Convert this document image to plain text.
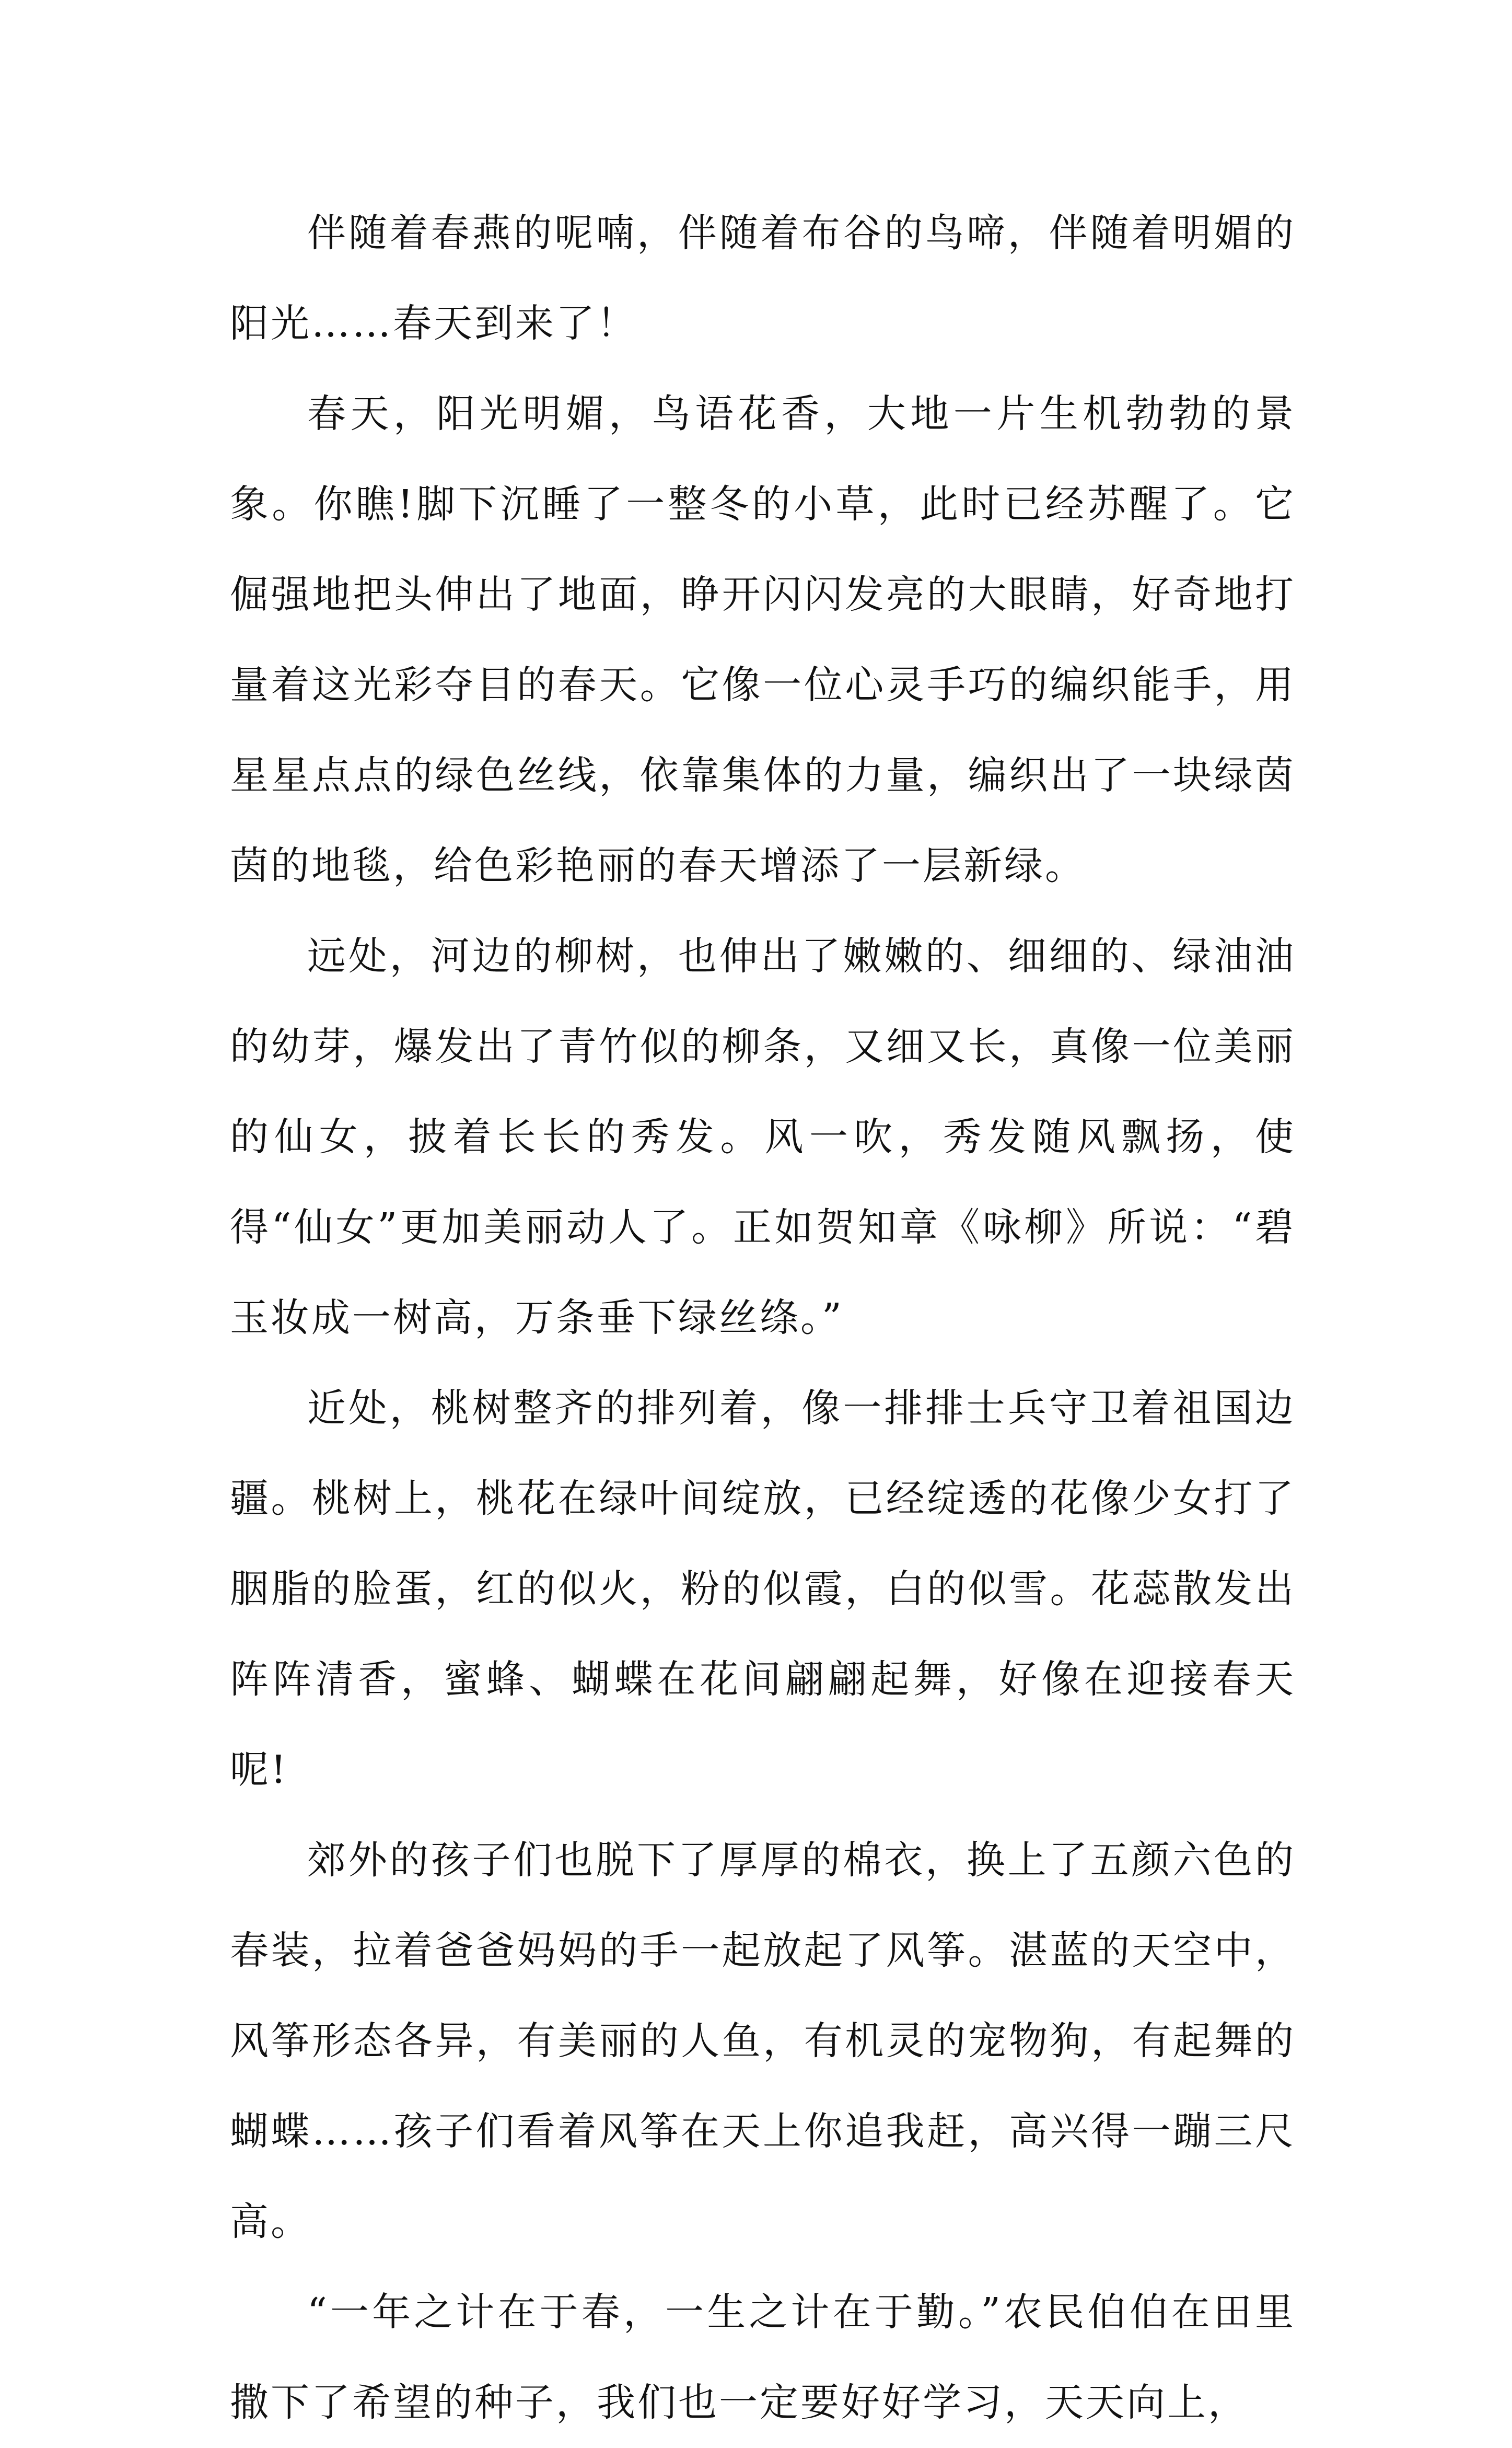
伴随着春燕的呢喃，伴随着布谷的鸟啼，伴随着明媚的阳光……春天到来了！

春天，阳光明媚，鸟语花香，大地一片生机勃勃的景象。你瞧!脚下沉睡了一整冬的小草，此时已经苏醒了。它倔强地把头伸出了地面，睁开闪闪发亮的大眼睛，好奇地打量着这光彩夺目的春天。它像一位心灵手巧的编织能手，用星星点点的绿色丝线，依靠集体的力量，编织出了一块绿茵茵的地毯，给色彩艳丽的春天增添了一层新绿。

远处，河边的柳树，也伸出了嫩嫩的、细细的、绿油油的幼芽，爆发出了青竹似的柳条，又细又长，真像一位美丽的仙女，披着长长的秀发。风一吹，秀发随风飘扬，使得“仙女”更加美丽动人了。正如贺知章《咏柳》所说：“碧玉妆成一树高，万条垂下绿丝绦。”

近处，桃树整齐的排列着，像一排排士兵守卫着祖国边疆。桃树上，桃花在绿叶间绽放，已经绽透的花像少女打了胭脂的脸蛋，红的似火，粉的似霞，白的似雪。花蕊散发出阵阵清香，蜜蜂、蝴蝶在花间翩翩起舞，好像在迎接春天呢!

郊外的孩子们也脱下了厚厚的棉衣，换上了五颜六色的春装，拉着爸爸妈妈的手一起放起了风筝。湛蓝的天空中，风筝形态各异，有美丽的人鱼，有机灵的宠物狗，有起舞的蝴蝶……孩子们看着风筝在天上你追我赶，高兴得一蹦三尺高。

“一年之计在于春，一生之计在于勤。”农民伯伯在田里撒下了希望的种子，我们也一定要好好学习，天天向上，
